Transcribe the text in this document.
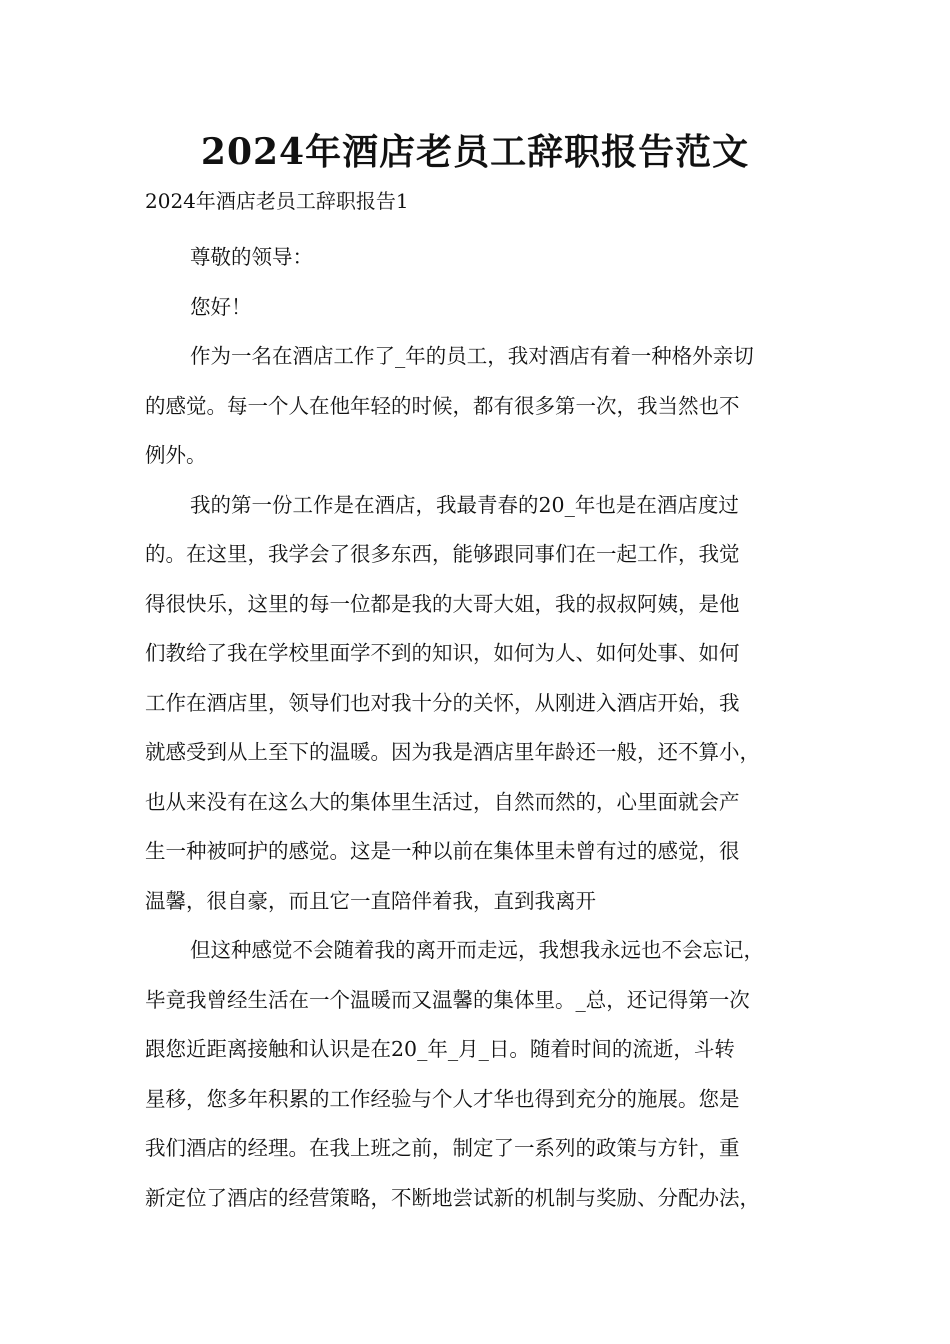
2024年酒店老员工辞职报告范文

2024年酒店老员工辞职报告1

尊敬的领导：

您好！

作为一名在酒店工作了_年的员工，我对酒店有着一种格外亲切
的感觉。每一个人在他年轻的时候，都有很多第一次，我当然也不
例外。

我的第一份工作是在酒店，我最青春的20_年也是在酒店度过
的。在这里，我学会了很多东西，能够跟同事们在一起工作，我觉
得很快乐，这里的每一位都是我的大哥大姐，我的叔叔阿姨，是他
们教给了我在学校里面学不到的知识，如何为人、如何处事、如何
工作在酒店里，领导们也对我十分的关怀，从刚进入酒店开始，我
就感受到从上至下的温暖。因为我是酒店里年龄还一般，还不算小，
也从来没有在这么大的集体里生活过，自然而然的，心里面就会产
生一种被呵护的感觉。这是一种以前在集体里未曾有过的感觉，很
温馨，很自豪，而且它一直陪伴着我，直到我离开

但这种感觉不会随着我的离开而走远，我想我永远也不会忘记，
毕竟我曾经生活在一个温暖而又温馨的集体里。_总，还记得第一次
跟您近距离接触和认识是在20_年_月_日。随着时间的流逝，斗转
星移，您多年积累的工作经验与个人才华也得到充分的施展。您是
我们酒店的经理。在我上班之前，制定了一系列的政策与方针，重
新定位了酒店的经营策略，不断地尝试新的机制与奖励、分配办法，
